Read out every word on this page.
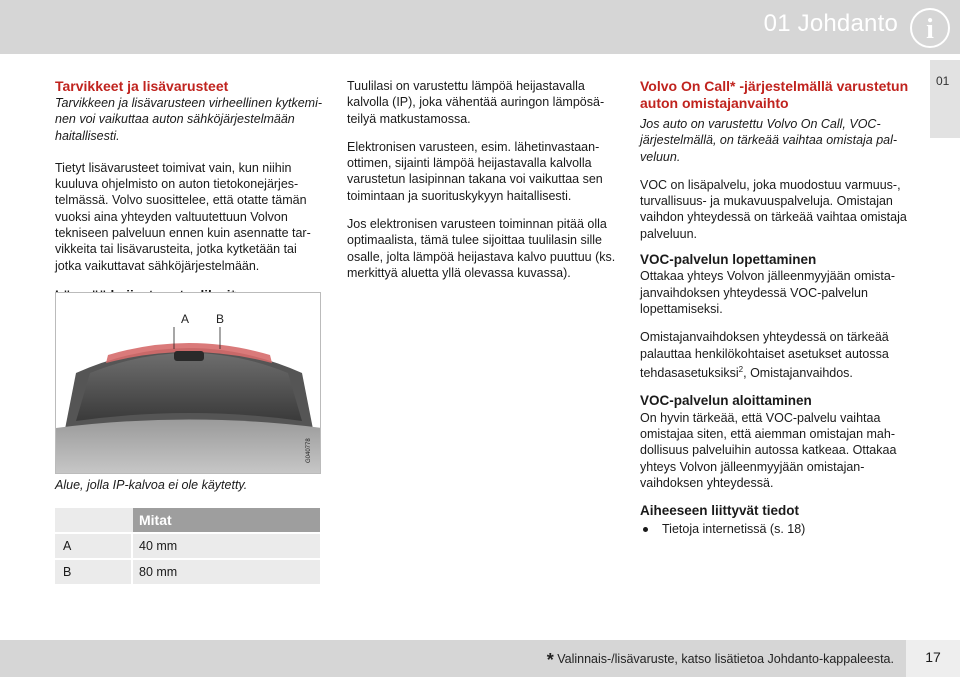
01 Johdanto	i
01
Tarvikkeet ja lisävarusteet
Tarvikkeen ja lisävarusteen virheellinen kytkeminen voi vaikuttaa auton sähköjärjestelmään haitallisesti.
Tietyt lisävarusteet toimivat vain, kun niihin kuuluva ohjelmisto on auton tietokonejärjestelmässä. Volvo suosittelee, että otatte tämän vuoksi aina yhteyden valtuutettuun Volvon tekniseen palveluun ennen kuin asennatte tarvikkeita tai lisävarusteita, jotka kytketään tai jotka vaikuttavat sähköjärjestelmään.
A B
G040778
Alue, jolla IP-kalvoa ei ole käytetty.
	Mitat
A	40 mm
B	80 mm
Tuulilasi on varustettu lämpöä heijastavalla kalvolla (IP), joka vähentää auringon lämpösäteilyä matkustamossa.
Elektronisen varusteen, esim. lähetinvastaanottimen, sijainti lämpöä heijastavalla kalvolla varustetun lasipinnan takana voi vaikuttaa sen toimintaan ja suorituskykyyn haitallisesti.
Jos elektronisen varusteen toiminnan pitää olla optimaalista, tämä tulee sijoittaa tuulilasin sille osalle, jolta lämpöä heijastava kalvo puuttuu (ks. merkittyä aluetta yllä olevassa kuvassa).
Volvo On Call* -järjestelmällä varustetun auton omistajanvaihto
Jos auto on varustettu Volvo On Call, VOC-järjestelmällä, on tärkeää vaihtaa omistaja palveluun.
VOC on lisäpalvelu, joka muodostuu varmuus-, turvallisuus- ja mukavuuspalveluja. Omistajan vaihdon yhteydessä on tärkeää vaihtaa omistaja palveluun.
VOC-palvelun lopettaminen
Ottakaa yhteys Volvon jälleenmyyjään omistajanvaihdoksen yhteydessä VOC-palvelun lopettamiseksi.
Omistajanvaihdoksen yhteydessä on tärkeää palauttaa henkilökohtaiset asetukset autossa tehdasasetuksiksi$^2$, Omistajanvaihdos.
VOC-palvelun aloittaminen
On hyvin tärkeää, että VOC-palvelu vaihtaa omistajaa siten, että aiemman omistajan mahdollisuus palveluihin autossa katkeaa. Ottakaa yhteys Volvon jälleenmyyjään omistajanvaihdoksen yhteydessä.
Aiheeseen liittyvät tiedot
Tietoja internetissä (s. 18)
* Valinnais-/lisävaruste, katso lisätietoa Johdanto-kappaleesta.	17
